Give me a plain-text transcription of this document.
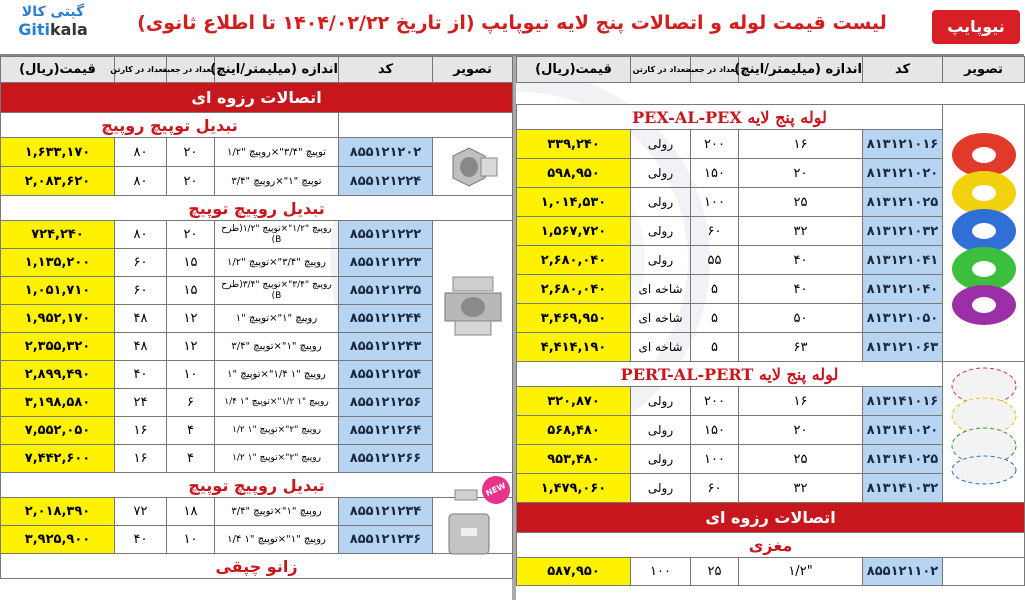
گیتی کالا
Gitikala	لیست قیمت لوله و اتصالات پنج لایه نیوپایپ (از تاریخ ۱۴۰۴/۰۲/۲۲ تا اطلاع ثانوی)	نیوپایپ
تصویر	کد	اندازه (میلیمتر/اینچ)	تعداد در جعبه	تعداد در کارتن	قیمت(ریال)
اتصالات رزوه ای					
		تبدیل توپیچ روپیچ			

	۸۵۵۱۲۱۲۰۲	توپیچ "۳/۴"×روپیچ "۱/۲	۲۰	۸۰	۱,۶۳۳,۱۷۰
	۸۵۵۱۲۱۲۲۴	توپیچ "۱"×روپیچ "۳/۴	۲۰	۸۰	۲,۰۸۳,۶۲۰
تبدیل روپیچ توپیچ					

	۸۵۵۱۲۱۲۲۲	روپیچ "۱/۲"×توپیچ "۱/۲(طرح B)	۲۰	۸۰	۷۲۴,۲۴۰
	۸۵۵۱۲۱۲۲۳	روپیچ "۳/۴"×توپیچ "۱/۲	۱۵	۶۰	۱,۱۳۵,۲۰۰
	۸۵۵۱۲۱۲۳۵	روپیچ "۳/۴"×توپیچ "۳/۴(طرح B)	۱۵	۶۰	۱,۰۵۱,۷۱۰
	۸۵۵۱۲۱۲۴۴	روپیچ "۱"×توپیچ "۱	۱۲	۴۸	۱,۹۵۲,۱۷۰
	۸۵۵۱۲۱۲۴۳	روپیچ "۱"×توپیچ "۳/۴	۱۲	۴۸	۲,۳۵۵,۳۲۰
	۸۵۵۱۲۱۲۵۴	روپیچ "۱ ۱/۴"×توپیچ "۱	۱۰	۴۰	۲,۸۹۹,۴۹۰
	۸۵۵۱۲۱۲۵۶	روپیچ "۱ ۱/۲"×توپیچ "۱ ۱/۴	۶	۲۴	۳,۱۹۸,۵۸۰
	۸۵۵۱۲۱۲۶۴	روپیچ "۲"×توپیچ "۱ ۱/۲	۴	۱۶	۷,۵۵۲,۰۵۰
	۸۵۵۱۲۱۲۶۶	روپیچ "۲"×توپیچ "۱ ۱/۲	۴	۱۶	۷,۴۴۲,۶۰۰
تبدیل روپیچ توپیچ					

NEW	۸۵۵۱۲۱۲۳۴	روپیچ "۱"×توپیچ "۳/۴	۱۸	۷۲	۲,۰۱۸,۳۹۰
	۸۵۵۱۲۱۲۳۶	روپیچ "۱"×توپیچ "۱ ۱/۴	۱۰	۴۰	۳,۹۲۵,۹۰۰
زانو چپقی					
تصویر	کد	اندازه (میلیمتر/اینچ)	تعداد در جعبه	تعداد در کارتن	قیمت(ریال)

	لوله پنج لایه PEX-AL-PEX				
	۸۱۳۱۲۱۰۱۶	۱۶	۲۰۰	رولی	۳۳۹,۲۴۰
	۸۱۳۱۲۱۰۲۰	۲۰	۱۵۰	رولی	۵۹۸,۹۵۰
	۸۱۳۱۲۱۰۲۵	۲۵	۱۰۰	رولی	۱,۰۱۴,۵۳۰
	۸۱۳۱۲۱۰۳۲	۳۲	۶۰	رولی	۱,۵۶۷,۷۲۰
	۸۱۳۱۲۱۰۴۱	۴۰	۵۵	رولی	۲,۶۸۰,۰۴۰
	۸۱۳۱۲۱۰۴۰	۴۰	۵	شاخه ای	۲,۶۸۰,۰۴۰
	۸۱۳۱۲۱۰۵۰	۵۰	۵	شاخه ای	۳,۴۶۹,۹۵۰
	۸۱۳۱۲۱۰۶۳	۶۳	۵	شاخه ای	۴,۴۱۴,۱۹۰

	لوله پنج لایه PERT-AL-PERT				
	۸۱۳۱۴۱۰۱۶	۱۶	۲۰۰	رولی	۳۲۰,۸۷۰
	۸۱۳۱۴۱۰۲۰	۲۰	۱۵۰	رولی	۵۶۸,۴۸۰
	۸۱۳۱۴۱۰۲۵	۲۵	۱۰۰	رولی	۹۵۳,۴۸۰
	۸۱۳۱۴۱۰۳۲	۳۲	۶۰	رولی	۱,۴۷۹,۰۶۰
اتصالات رزوه ای					
مغزی					
	۸۵۵۱۲۱۱۰۲	"۱/۲	۲۵	۱۰۰	۵۸۷,۹۵۰
